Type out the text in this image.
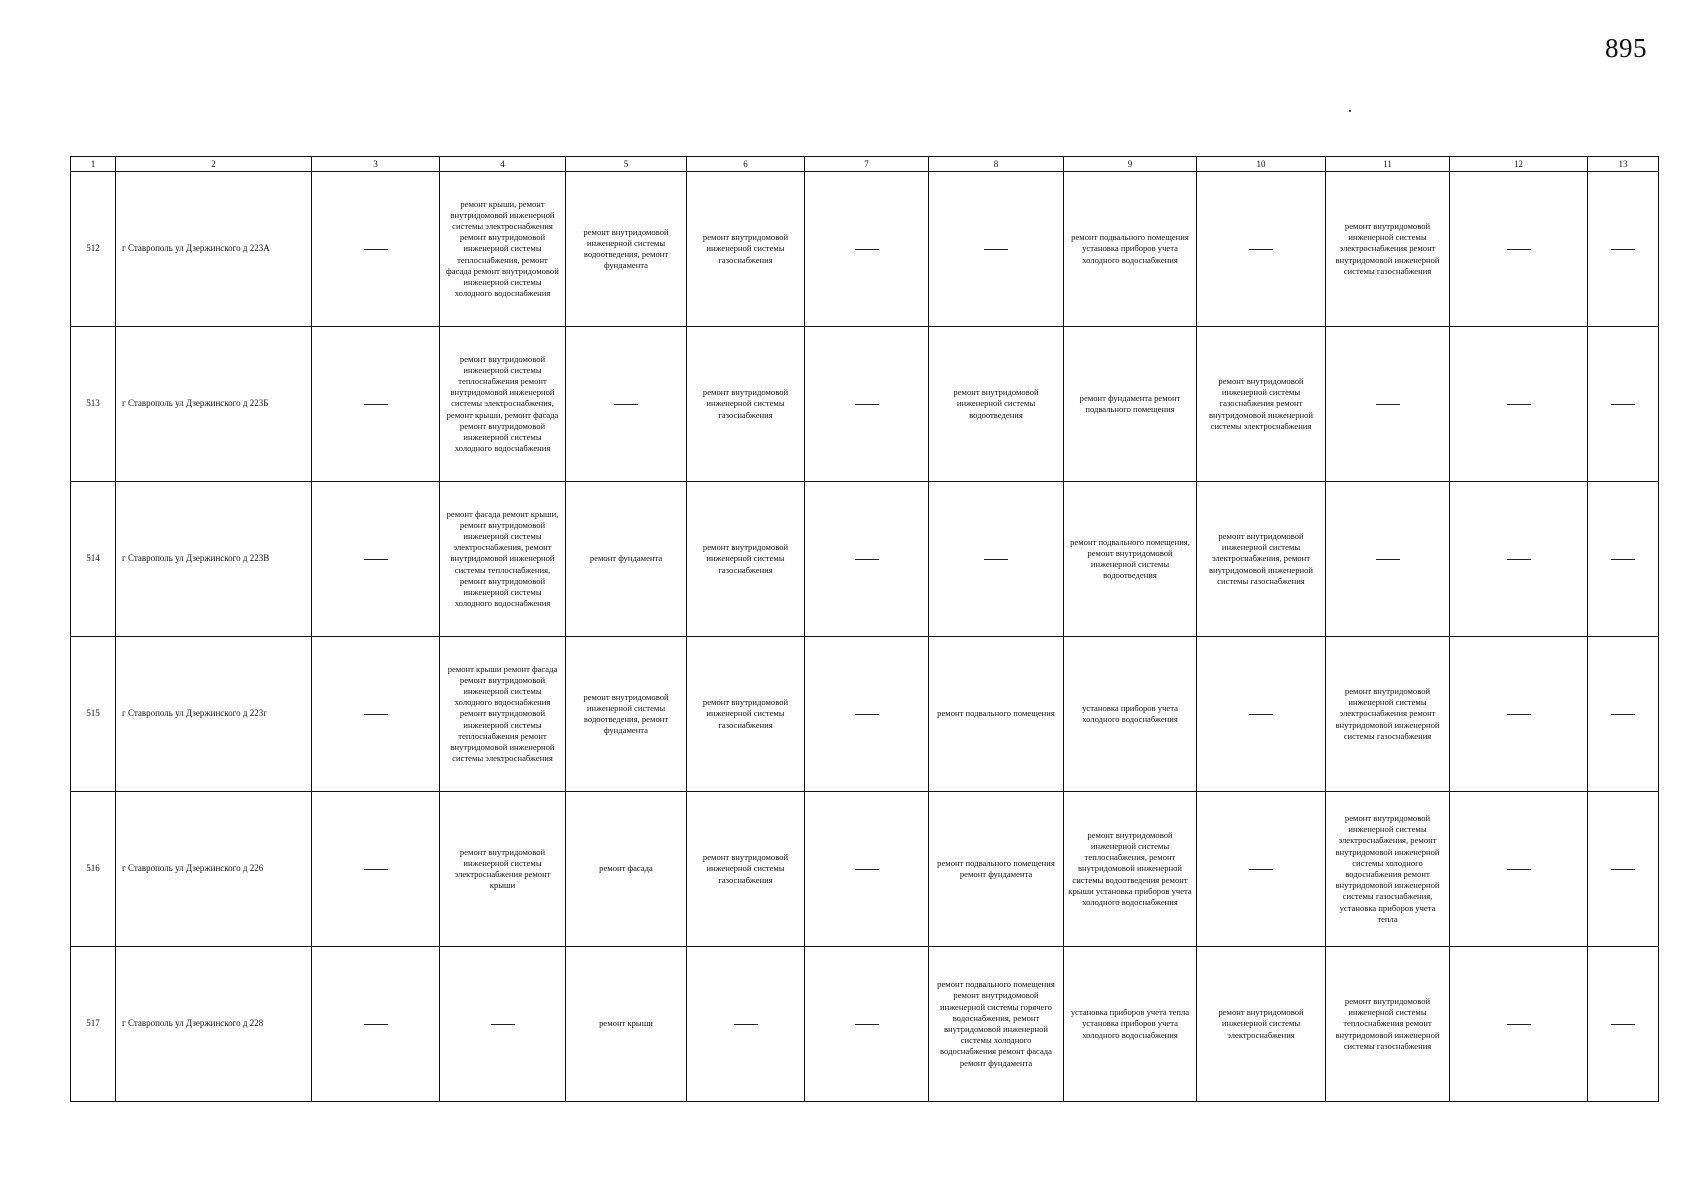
895
1	2	3	4	5	6	7	8	9	10	11	12	13
512	г Ставрополь ул Дзержинского д 223А		ремонт крыши, ремонт внутридомовой инженерной системы электроснабжения ремонт внутридомовой инженерной системы теплоснабжения, ремонт фасада ремонт внутридомовой инженерной системы холодного водоснабжения	ремонт внутридомовой инженерной системы водоотведения, ремонт фундамента	ремонт внутридомовой инженерной системы газоснабжения			ремонт подвального помещения установка приборов учета холодного водоснабжения		ремонт внутридомовой инженерной системы электроснабжения ремонт внутридомовой инженерной системы газоснабжения		
513	г Ставрополь ул Дзержинского д 223Б		ремонт внутридомовой инженерной системы теплоснабжения ремонт внутридомовой инженерной системы электроснабжения, ремонт крыши, ремонт фасада ремонт внутридомовой инженерной системы холодного водоснабжения		ремонт внутридомовой инженерной системы газоснабжения		ремонт внутридомовой инженерной системы водоотведения	ремонт фундамента ремонт подвального помещения	ремонт внутридомовой инженерной системы газоснабжения ремонт внутридомовой инженерной системы электроснабжения			
514	г Ставрополь ул Дзержинского д 223В		ремонт фасада ремонт крыши, ремонт внутридомовой инженерной системы электроснабжения, ремонт внутридомовой инженерной системы теплоснабжения, ремонт внутридомовой инженерной системы холодного водоснабжения	ремонт фундамента	ремонт внутридомовой инженерной системы газоснабжения			ремонт подвального помещения, ремонт внутридомовой инженерной системы водоотведения	ремонт внутридомовой инженерной системы электроснабжения, ремонт внутридомовой инженерной системы газоснабжения			
515	г Ставрополь ул Дзержинского д 223г		ремонт крыши ремонт фасада ремонт внутридомовой инженерной системы холодного водоснабжения ремонт внутридомовой инженерной системы теплоснабжения ремонт внутридомовой инженерной системы электроснабжения	ремонт внутридомовой инженерной системы водоотведения, ремонт фундамента	ремонт внутридомовой инженерной системы газоснабжения		ремонт подвального помещения	установка приборов учета холодного водоснабжения		ремонт внутридомовой инженерной системы электроснабжения ремонт внутридомовой инженерной системы газоснабжения		
516	г Ставрополь ул Дзержинского д 226		ремонт внутридомовой инженерной системы электроснабжения ремонт крыши	ремонт фасада	ремонт внутридомовой инженерной системы газоснабжения		ремонт подвального помещения ремонт фундамента	ремонт внутридомовой инженерной системы теплоснабжения, ремонт внутридомовой инженерной системы водоотведения ремонт крыши установка приборов учета холодного водоснабжения		ремонт внутридомовой инженерной системы электроснабжения, ремонт внутридомовой инженерной системы холодного водоснабжения ремонт внутридомовой инженерной системы газоснабжения, установка приборов учета тепла		
517	г Ставрополь ул Дзержинского д 228			ремонт крыши			ремонт подвального помещения ремонт внутридомовой инженерной системы горячего водоснабжения, ремонт внутридомовой инженерной системы холодного водоснабжения ремонт фасада ремонт фундамента	установка приборов учета тепла установка приборов учета холодного водоснабжения	ремонт внутридомовой инженерной системы электроснабжения	ремонт внутридомовой инженерной системы теплоснабжения ремонт внутридомовой инженерной системы газоснабжения		
